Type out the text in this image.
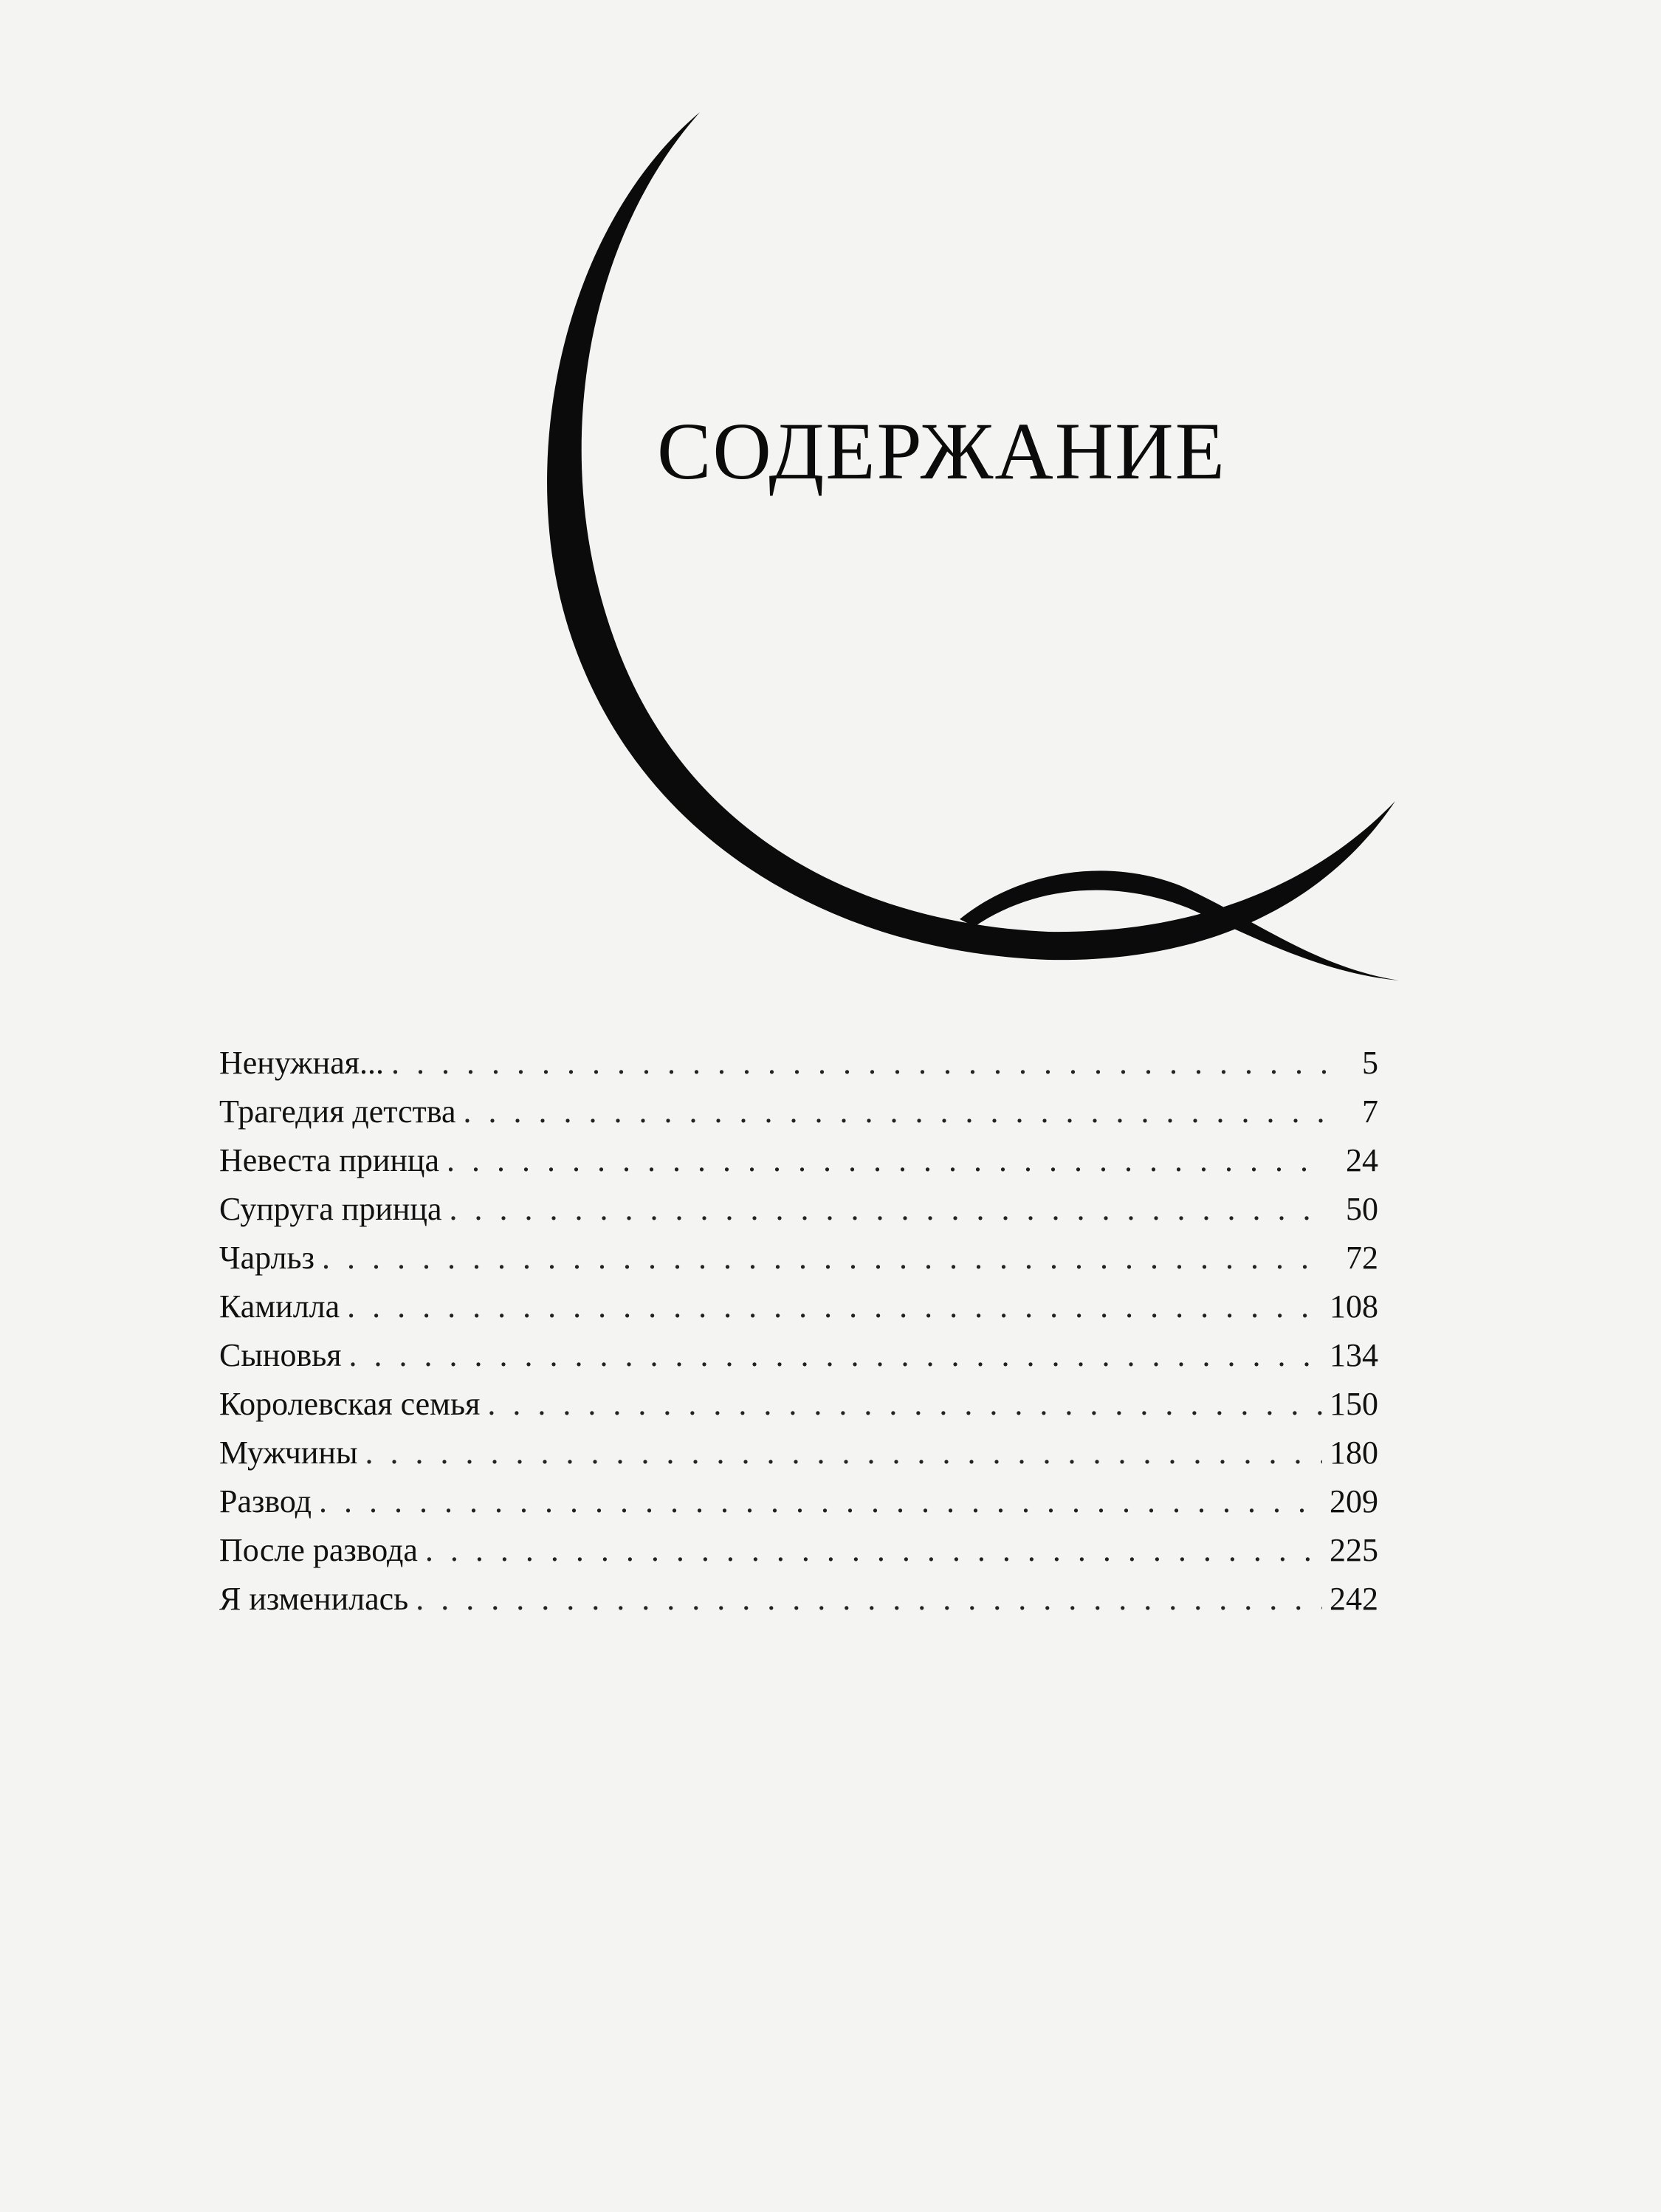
СОДЕРЖАНИЕ
Ненужная... . . .	5
Трагедия детства . . .	7
Невеста принца . . .	24
Супруга принца . . .	50
Чарльз . . .	72
Камилла . . .	108
Сыновья . . .	134
Королевская семья . . .	150
Мужчины . . .	180
Развод . . .	209
После развода . . .	225
Я изменилась . . .	242
